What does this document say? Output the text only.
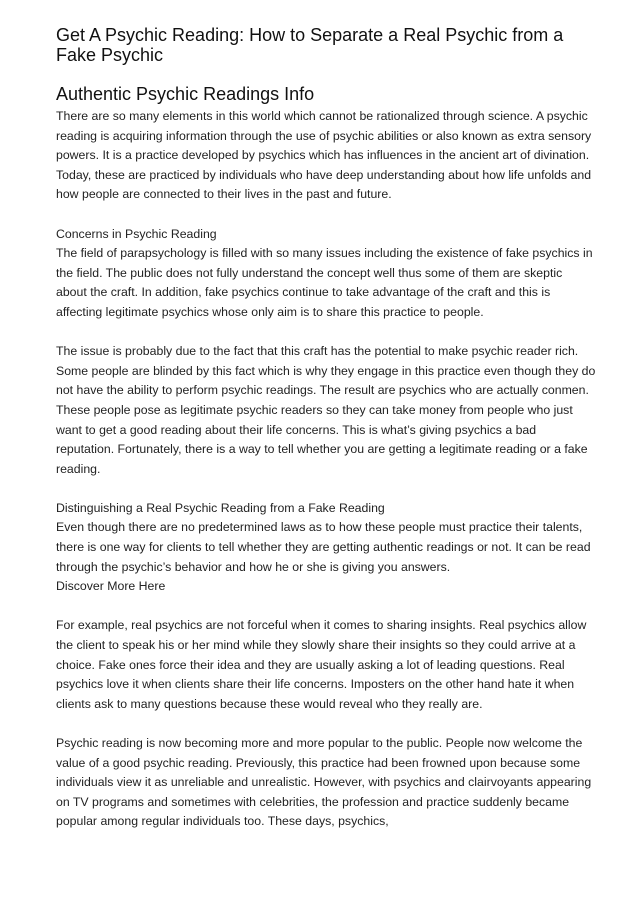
Get A Psychic Reading: How to Separate a Real Psychic from a Fake Psychic
Authentic Psychic Readings Info

There are so many elements in this world which cannot be rationalized through science. A psychic reading is acquiring information through the use of psychic abilities or also known as extra sensory powers. It is a practice developed by psychics which has influences in the ancient art of divination. Today, these are practiced by individuals who have deep understanding about how life unfolds and how people are connected to their lives in the past and future.

Concerns in Psychic Reading

The field of parapsychology is filled with so many issues including the existence of fake psychics in the field. The public does not fully understand the concept well thus some of them are skeptic about the craft. In addition, fake psychics continue to take advantage of the craft and this is affecting legitimate psychics whose only aim is to share this practice to people.

The issue is probably due to the fact that this craft has the potential to make psychic reader rich. Some people are blinded by this fact which is why they engage in this practice even though they do not have the ability to perform psychic readings. The result are psychics who are actually conmen. These people pose as legitimate psychic readers so they can take money from people who just want to get a good reading about their life concerns. This is what’s giving psychics a bad reputation. Fortunately, there is a way to tell whether you are getting a legitimate reading or a fake reading.

Distinguishing a Real Psychic Reading from a Fake Reading

Even though there are no predetermined laws as to how these people must practice their talents, there is one way for clients to tell whether they are getting authentic readings or not. It can be read through the psychic’s behavior and how he or she is giving you answers.

Discover More Here

For example, real psychics are not forceful when it comes to sharing insights. Real psychics allow the client to speak his or her mind while they slowly share their insights so they could arrive at a choice. Fake ones force their idea and they are usually asking a lot of leading questions. Real psychics love it when clients share their life concerns. Imposters on the other hand hate it when clients ask to many questions because these would reveal who they really are.

Psychic reading is now becoming more and more popular to the public. People now welcome the value of a good psychic reading. Previously, this practice had been frowned upon because some individuals view it as unreliable and unrealistic. However, with psychics and clairvoyants appearing on TV programs and sometimes with celebrities, the profession and practice suddenly became popular among regular individuals too. These days, psychics,
